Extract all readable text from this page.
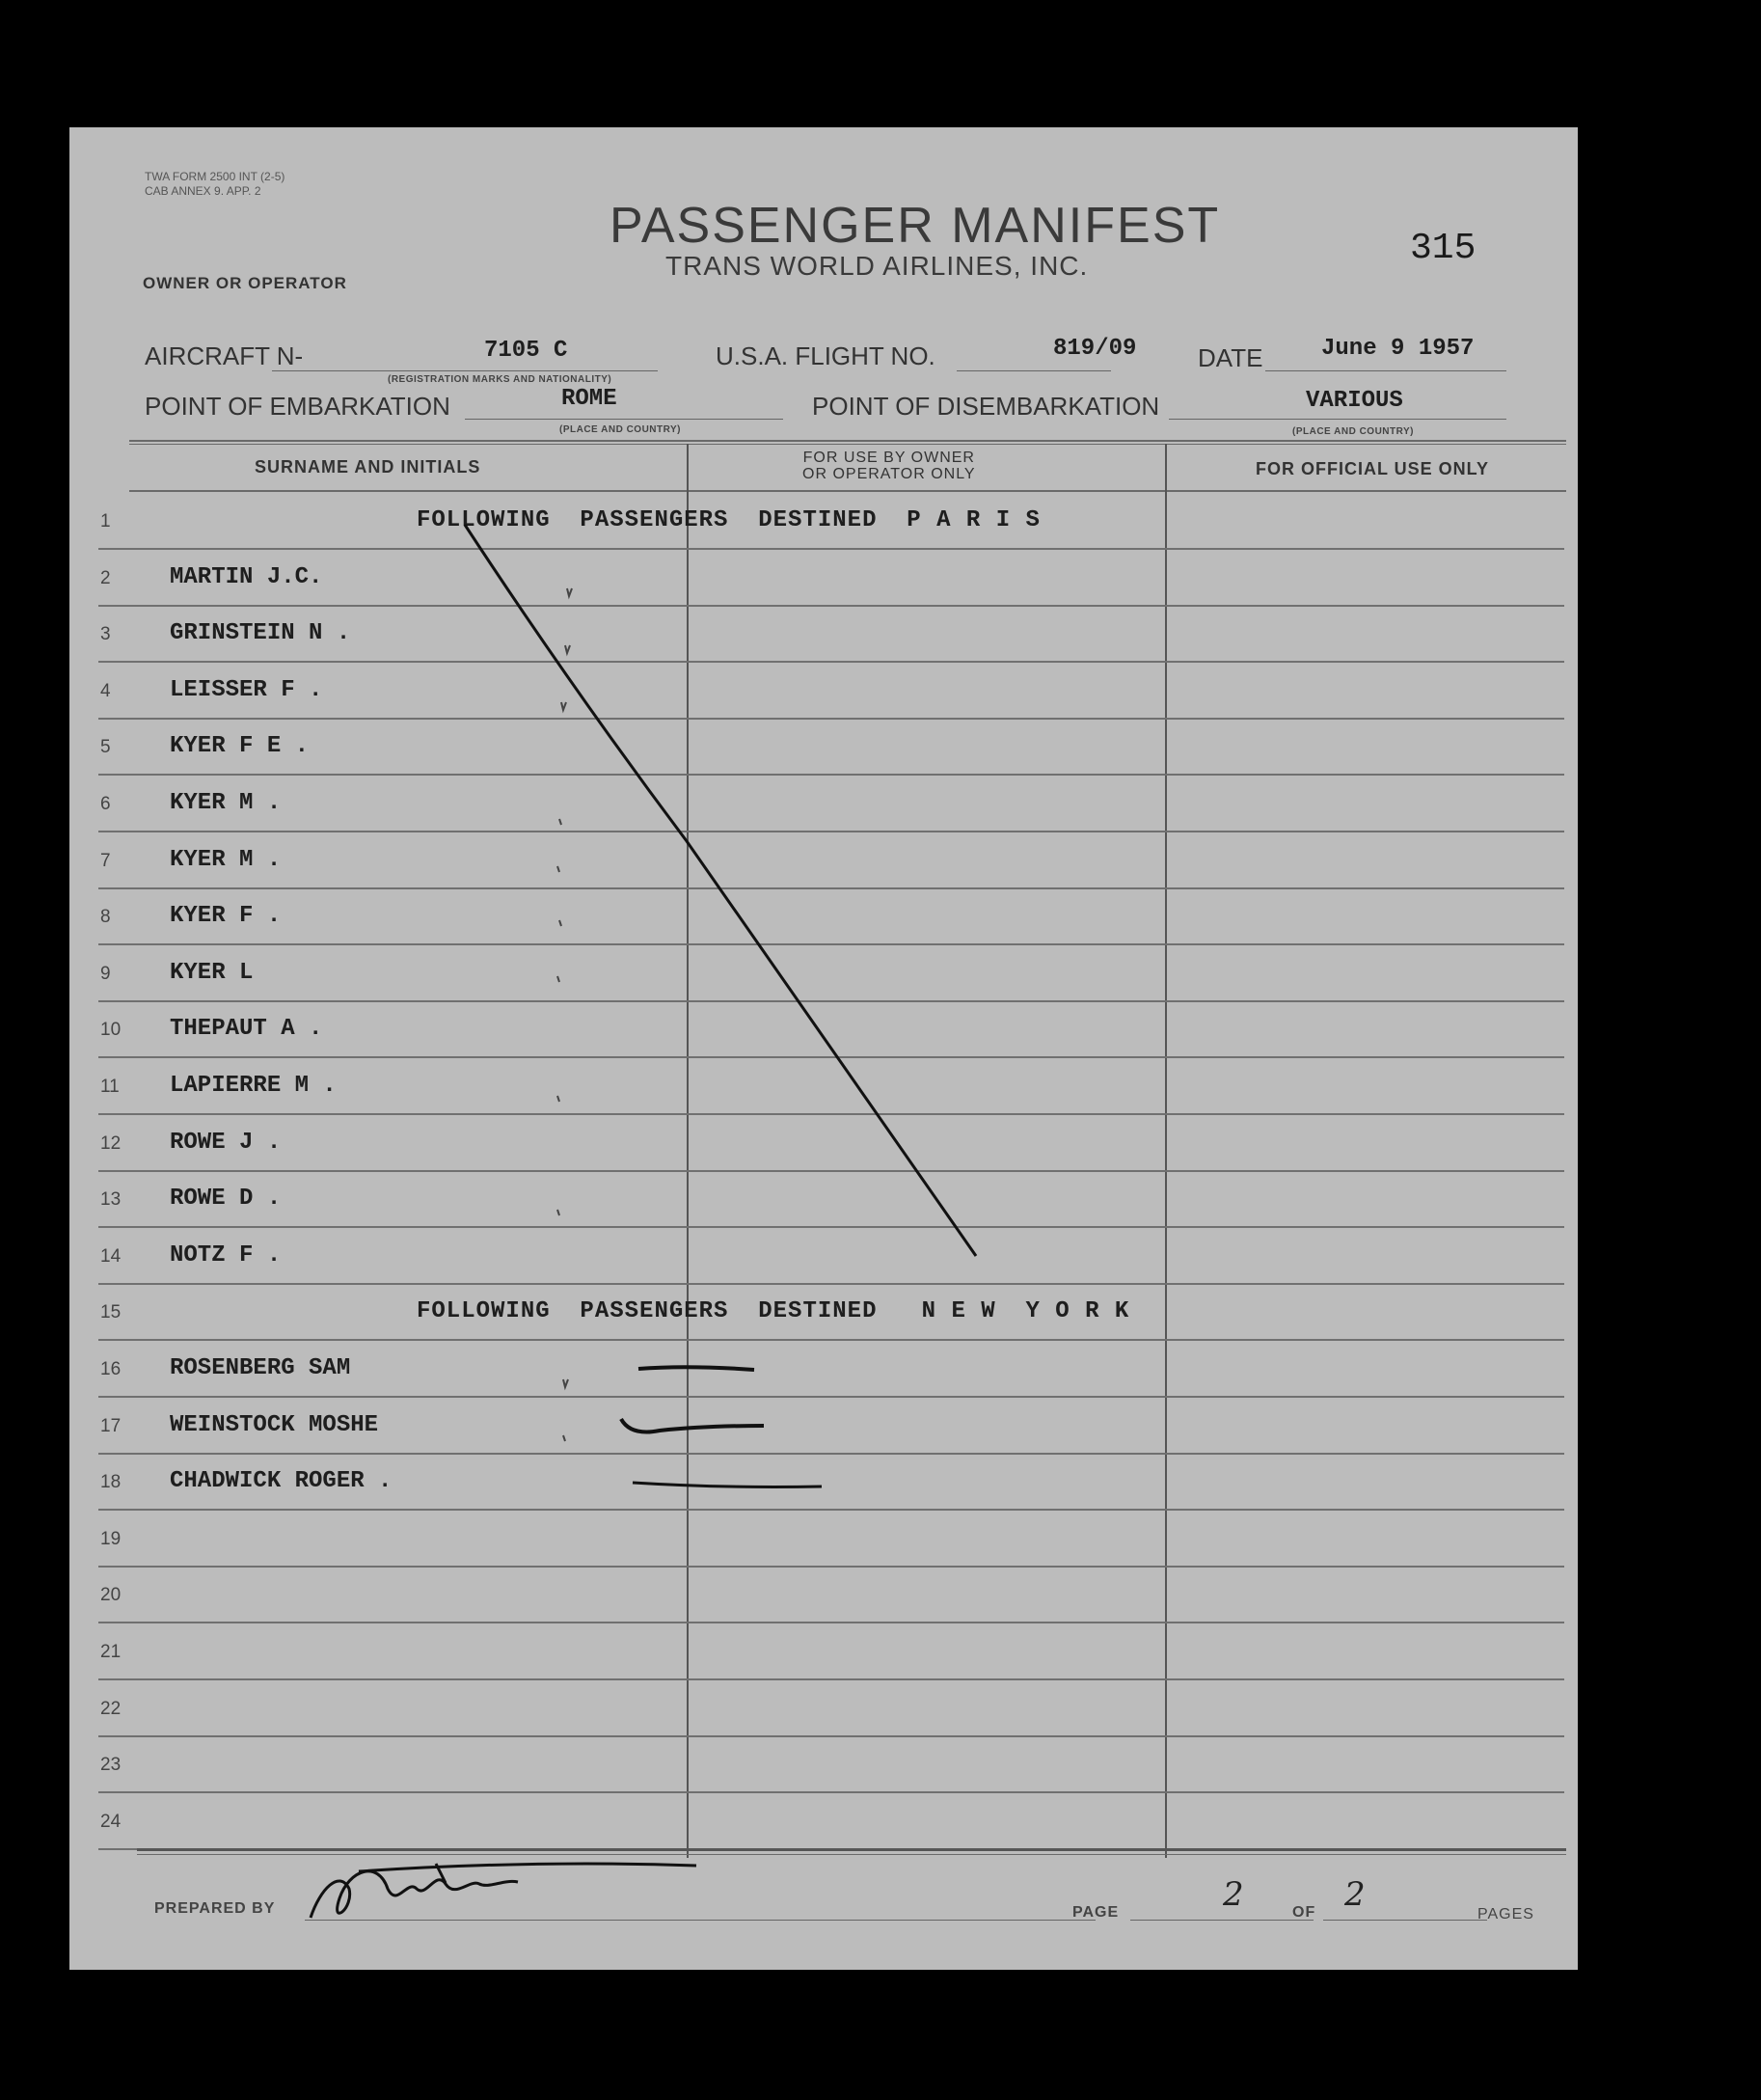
TWA FORM 2500 INT (2-5)
CAB ANNEX 9. APP. 2
OWNER OR OPERATOR
PASSENGER MANIFEST
TRANS WORLD AIRLINES, INC.	315
AIRCRAFT N-	7105 C
(REGISTRATION MARKS AND NATIONALITY)
U.S.A. FLIGHT NO.	819/09 DATE	June 9 1957
POINT OF EMBARKATION	ROME
(PLACE AND COUNTRY)
POINT OF DISEMBARKATION	VARIOUS
(PLACE AND COUNTRY)
SURNAME AND INITIALS	FOR USE BY OWNER
OR OPERATOR ONLY	FOR OFFICIAL USE ONLY
1	FOLLOWING  PASSENGERS  DESTINED  P A R I S
2	MARTIN J.C.
3	GRINSTEIN N .
4	LEISSER F .
5	KYER F E .
6	KYER M .
7	KYER M .
8	KYER F .
9	KYER L
10 THEPAUT A .
11 LAPIERRE M .
12 ROWE J .
13 ROWE D .
14 NOTZ F .
15	FOLLOWING  PASSENGERS  DESTINED   N E W  Y O R K
16 ROSENBERG SAM
17 WEINSTOCK MOSHE
18 CHADWICK ROGER .
19
20
21
22
23
24
PREPARED BY	PAGE	2	OF 2
PAGES
